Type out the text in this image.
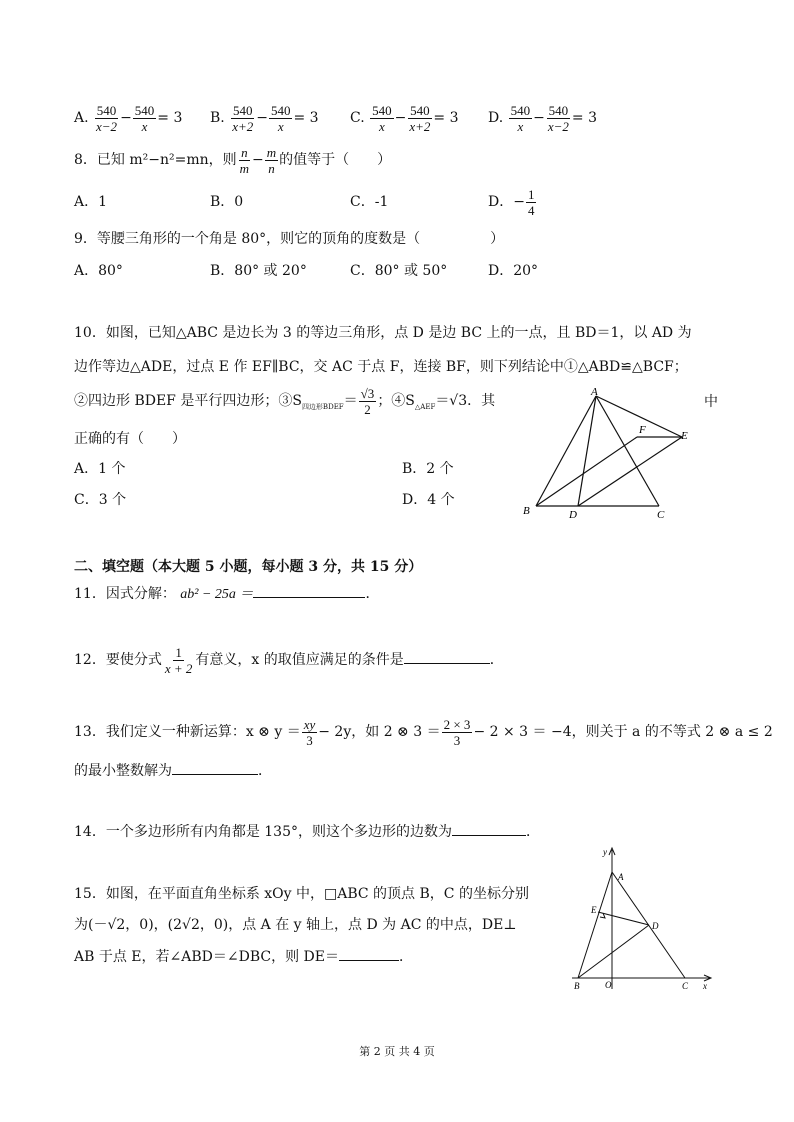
A. $\frac{540}{x-2} - \frac{540}{x} = 3$ B. $\frac{540}{x+2} - \frac{540}{x} = 3$ C. $\frac{540}{x} - \frac{540}{x+2} = 3$ D. $\frac{540}{x} - \frac{540}{x-2} = 3$
8．已知 m²−n²=mn，则 $\frac{n}{m} - \frac{m}{n}$ 的值等于（　　）
A．1	B．0	C．-1	D．− $\frac{1}{4}$
9．等腰三角形的一个角是 80°，则它的顶角的度数是（　　　　　）
A．80°	B．80° 或 20°	C．80° 或 50°	D．20°
10．如图，已知△ABC 是边长为 3 的等边三角形，点 D 是边 BC 上的一点，且 BD＝1，以 AD 为
边作等边△ADE，过点 E 作 EF∥BC，交 AC 于点 F，连接 BF，则下列结论中①△ABD≌△BCF；
②四边形 BDEF 是平行四边形；$③S_{四边形BDEF}= \frac{√3}{2}$ ；$④S_{\triangle AEF}=√3$．其	中
正确的有（　　）
A．1 个	B．2 个
C．3 个	D．4 个
A
B	C
D
E
F
二、填空题（本大题 5 小题，每小题 3 分，共 15 分）
11．因式分解： ab² − 25a ＝	．
12．要使分式 $\frac{1}{x + 2}$ 有意义，x 的取值应满足的条件是	．
13．我们定义一种新运算：x ⊗ $y = \frac{xy}{3} - 2y$，如 2 ⊗ $3 = \frac{2 \times 3}{3} - 2 \times 3 = -4$，则关于 a 的不等式 2 ⊗ a ≤ 2
的最小整数解为	．
14．一个多边形所有内角都是 135°，则这个多边形的边数为	．
15．如图，在平面直角坐标系 xOy 中，□ABC 的顶点 B，C 的坐标分别
为(－√2，0)，(2√2，0)，点 A 在 y 轴上，点 D 为 AC 的中点，DE⊥
AB 于点 E，若∠ABD＝∠DBC，则 DE＝	．
y
x
A
B	C
D
E
O
第 2 页 共 4 页
